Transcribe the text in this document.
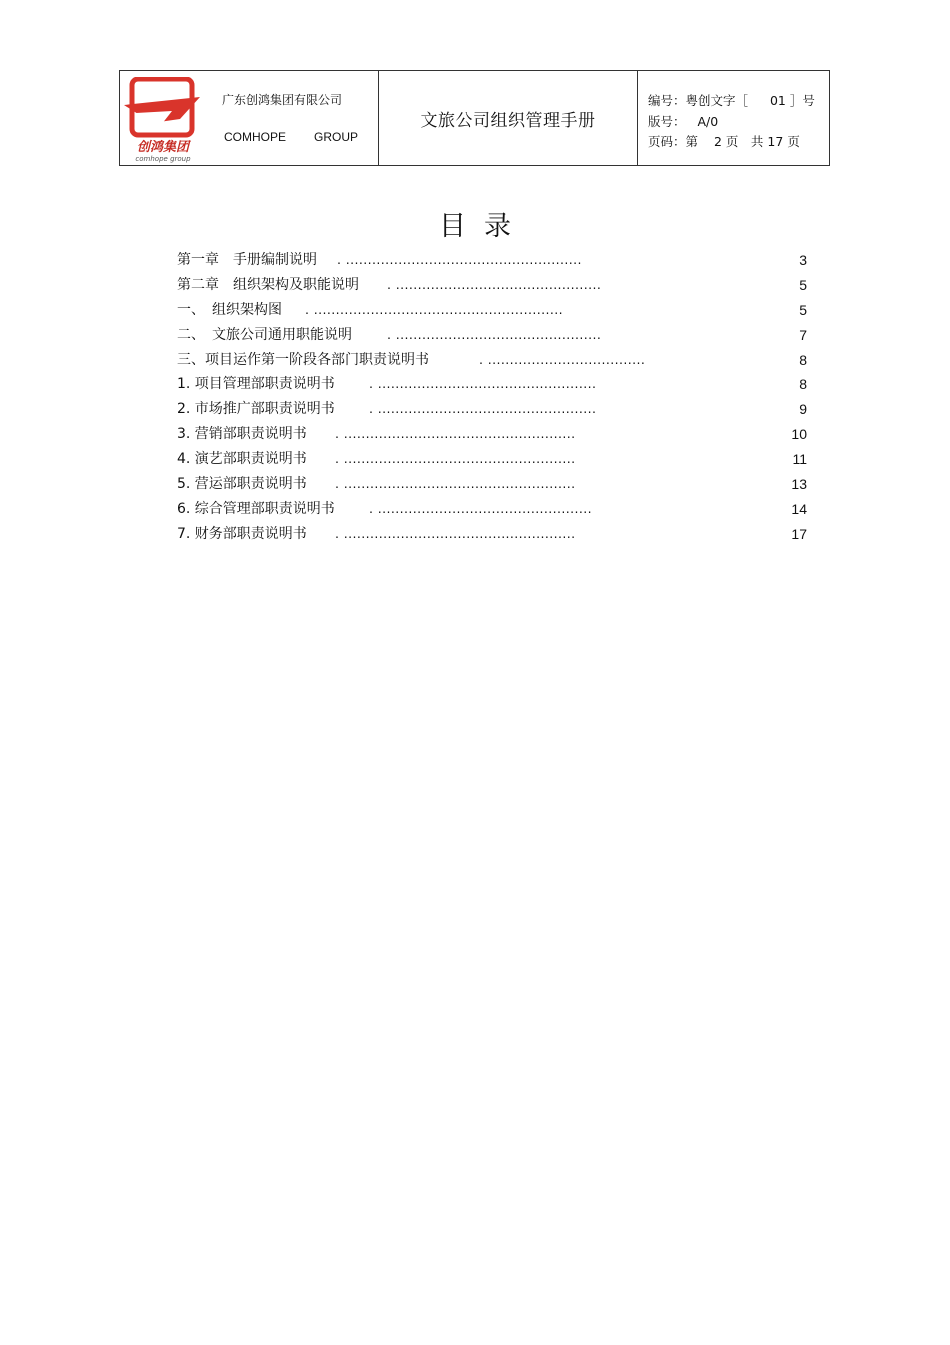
创鸿集团
comhope group
广东创鸿集团有限公司
COMHOPE GROUP
文旅公司组织管理手册
编号：粤创文字［ 01 ］号
版号： A/0
页码：第 2 页　共 17 页
目录
第一章　手册编制说明 . ......................................................	3
第二章　组织架构及职能说明 . ...............................................	5
一、　组织架构图 . .........................................................	5
二、　文旅公司通用职能说明	. ...............................................	7
三、项目运作第一阶段各部门职责说明书	. ....................................	8
1. 项目管理部职责说明书	. ..................................................	8
2. 市场推广部职责说明书	. ..................................................	9
3. 营销部职责说明书 . .....................................................	10
4. 演艺部职责说明书 . .....................................................	11
5. 营运部职责说明书 . .....................................................	13
6. 综合管理部职责说明书	. .................................................	14
7. 财务部职责说明书 . .....................................................	17
